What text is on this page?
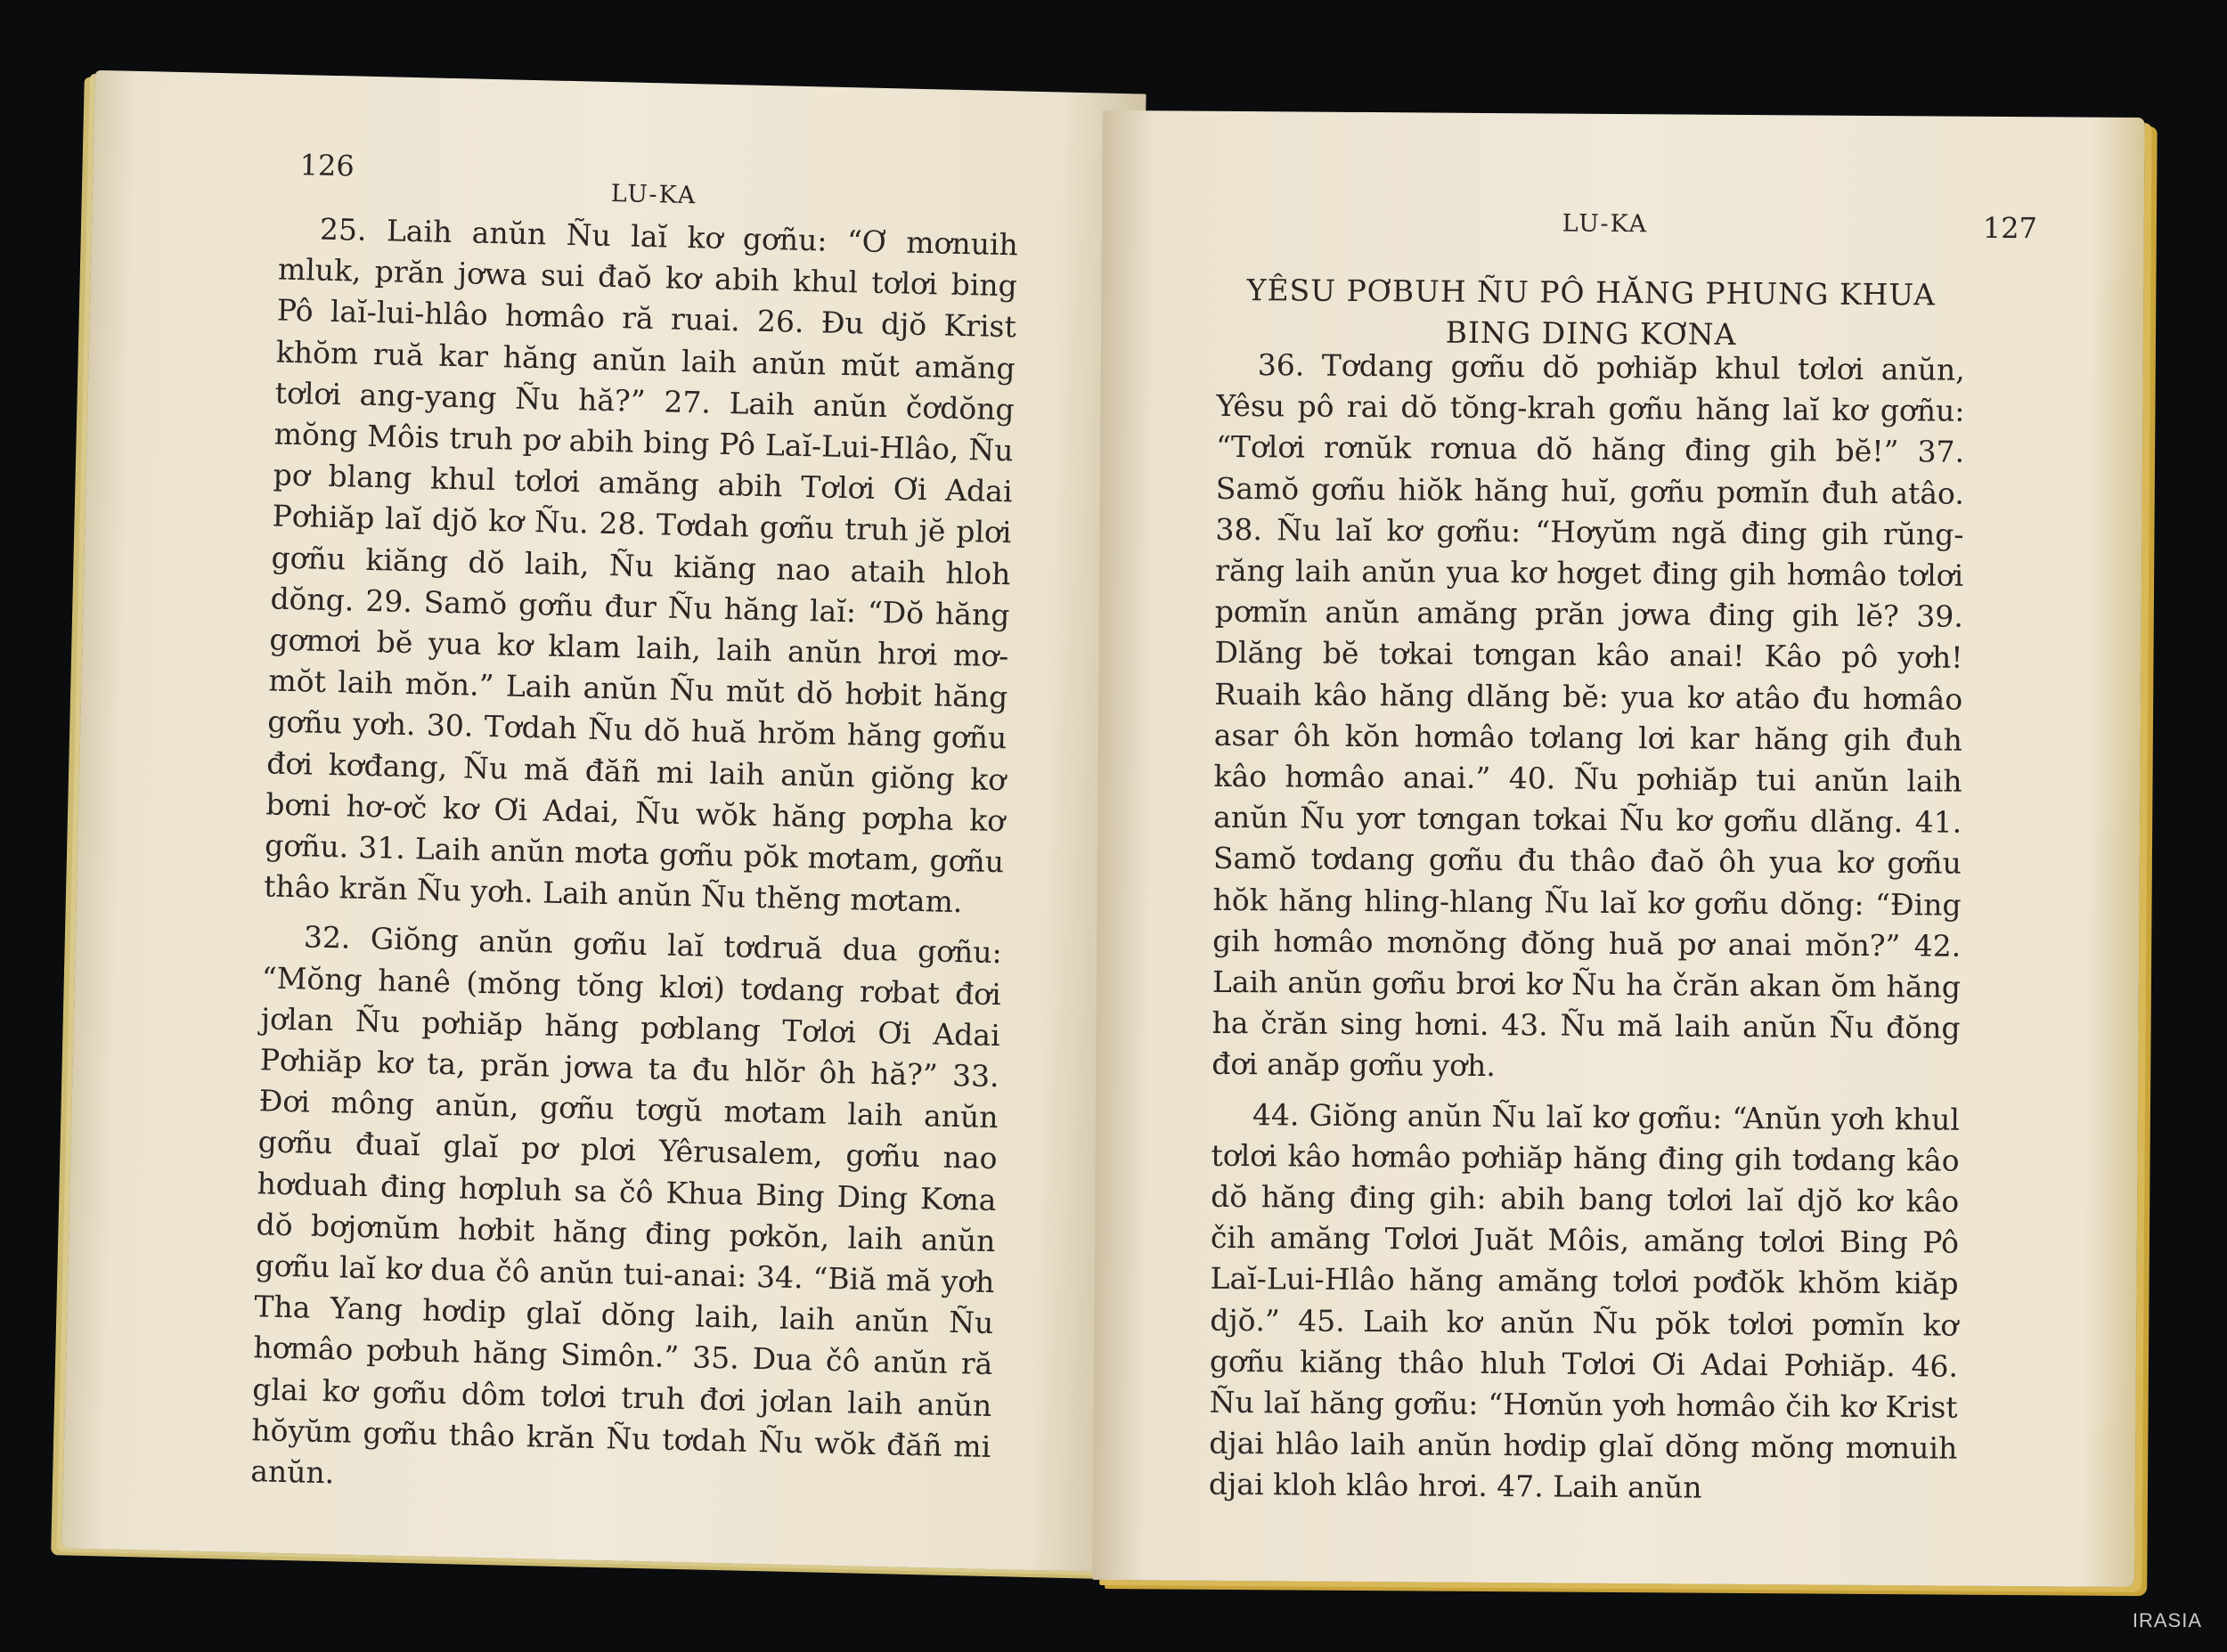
126
LU-KA

25. Laih anŭn Ñu laĭ kơ gơñu: “Ơ mơnuih mluk, prăn jơwa sui đaŏ kơ abih khul tơlơi bing Pô laĭ-lui-hlâo hơmâo ră ruai. 26. Đu djŏ Krist khŏm ruă kar hăng anŭn laih anŭn mŭt amăng tơlơi ang-yang Ñu hă?” 27. Laih anŭn čơdŏng mŏng Môis truh pơ abih bing Pô Laĭ-Lui-Hlâo, Ñu pơ blang khul tơlơi amăng abih Tơlơi Ơi Adai Pơhiăp laĭ djŏ kơ Ñu. 28. Tơdah gơñu truh jĕ plơi gơñu kiăng dŏ laih, Ñu kiăng nao ataih hloh dŏng. 29. Samŏ gơñu đur Ñu hăng laĭ: “Dŏ hăng gơmơi bĕ yua kơ klam laih, laih anŭn hrơi mơ-mŏt laih mŏn.” Laih anŭn Ñu mŭt dŏ hơbit hăng gơñu yơh. 30. Tơdah Ñu dŏ huă hrŏm hăng gơñu đơi kơđang, Ñu mă đăñ mi laih anŭn giŏng kơ bơni hơ-ơč kơ Ơi Adai, Ñu wŏk hăng pơpha kơ gơñu. 31. Laih anŭn mơta gơñu pŏk mơtam, gơñu thâo krăn Ñu yơh. Laih anŭn Ñu thĕng mơtam.

32. Giŏng anŭn gơñu laĭ tơdruă dua gơñu: “Mŏng hanê (mŏng tŏng klơi) tơdang rơbat đơi jơlan Ñu pơhiăp hăng pơblang Tơlơi Ơi Adai Pơhiăp kơ ta, prăn jơwa ta đu hlŏr ôh hă?” 33. Đơi mông anŭn, gơñu tơgŭ mơtam laih anŭn gơñu đuaĭ glaĭ pơ plơi Yêrusalem, gơñu nao hơduah đing hơpluh sa čô Khua Bing Ding Kơna dŏ bơjơnŭm hơbit hăng đing pơkŏn, laih anŭn gơñu laĭ kơ dua čô anŭn tui-anai: 34. “Biă mă yơh Tha Yang hơdip glaĭ dŏng laih, laih anŭn Ñu hơmâo pơbuh hăng Simôn.” 35. Dua čô anŭn ră glai kơ gơñu dôm tơlơi truh đơi jơlan laih anŭn hŏyŭm gơñu thâo krăn Ñu tơdah Ñu wŏk đăñ mi anŭn.

LU-KA	127
YÊSU PƠBUH ÑU PÔ HĂNG PHUNG KHUA
BING DING KƠNA

36. Tơdang gơñu dŏ pơhiăp khul tơlơi anŭn, Yêsu pô rai dŏ tŏng-krah gơñu hăng laĭ kơ gơñu: “Tơlơi rơnŭk rơnua dŏ hăng đing gih bĕ!” 37. Samŏ gơñu hiŏk hăng huĭ, gơñu pơmĭn đuh atâo. 38. Ñu laĭ kơ gơñu: “Hơyŭm ngă đing gih rŭng-răng laih anŭn yua kơ hơget đing gih hơmâo tơlơi pơmĭn anŭn amăng prăn jơwa đing gih lĕ? 39. Dlăng bĕ tơkai tơngan kâo anai! Kâo pô yơh! Ruaih kâo hăng dlăng bĕ: yua kơ atâo đu hơmâo asar ôh kŏn hơmâo tơlang lơi kar hăng gih đuh kâo hơmâo anai.” 40. Ñu pơhiăp tui anŭn laih anŭn Ñu yơr tơngan tơkai Ñu kơ gơñu dlăng. 41. Samŏ tơdang gơñu đu thâo đaŏ ôh yua kơ gơñu hŏk hăng hling-hlang Ñu laĭ kơ gơñu dŏng: “Đing gih hơmâo mơnŏng đŏng huă pơ anai mŏn?” 42. Laih anŭn gơñu brơi kơ Ñu ha črăn akan ŏm hăng ha črăn sing hơni. 43. Ñu mă laih anŭn Ñu đŏng đơi anăp gơñu yơh.

44. Giŏng anŭn Ñu laĭ kơ gơñu: “Anŭn yơh khul tơlơi kâo hơmâo pơhiăp hăng đing gih tơdang kâo dŏ hăng đing gih: abih bang tơlơi laĭ djŏ kơ kâo čih amăng Tơlơi Juăt Môis, amăng tơlơi Bing Pô Laĭ-Lui-Hlâo hăng amăng tơlơi pơđŏk khŏm kiăp djŏ.” 45. Laih kơ anŭn Ñu pŏk tơlơi pơmĭn kơ gơñu kiăng thâo hluh Tơlơi Ơi Adai Pơhiăp. 46. Ñu laĭ hăng gơñu: “Hơnŭn yơh hơmâo čih kơ Krist djai hlâo laih anŭn hơdip glaĭ dŏng mŏng mơnuih djai kloh klâo hrơi. 47. Laih anŭn

IRASIA
